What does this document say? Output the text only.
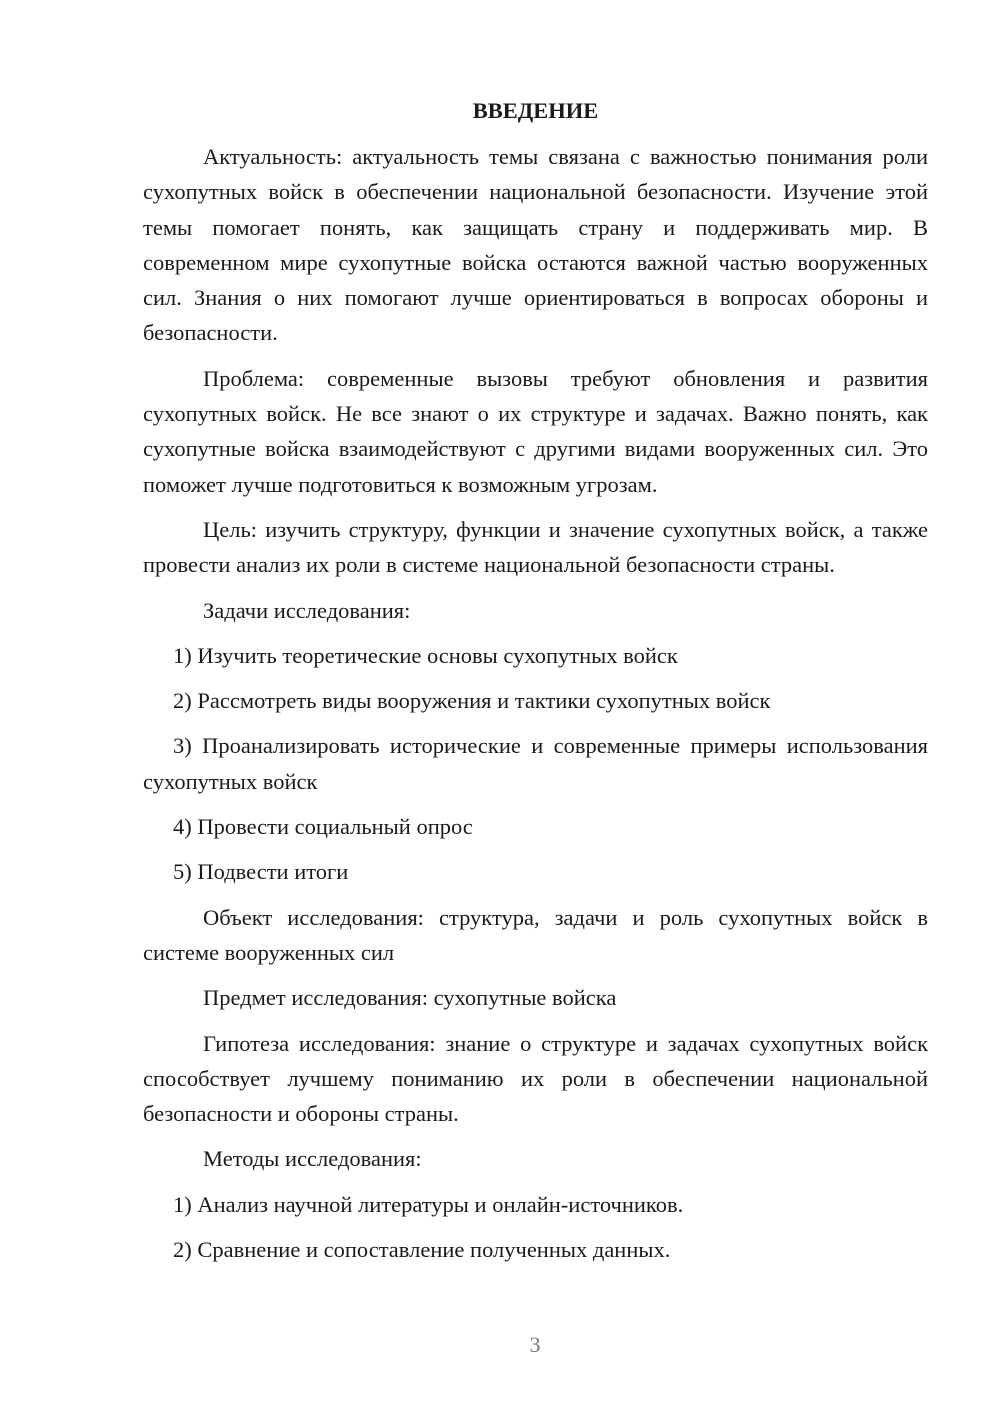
ВВЕДЕНИЕ
Актуальность: актуальность темы связана с важностью понимания роли сухопутных войск в обеспечении национальной безопасности. Изучение этой темы помогает понять, как защищать страну и поддерживать мир. В современном мире сухопутные войска остаются важной частью вооруженных сил. Знания о них помогают лучше ориентироваться в вопросах обороны и безопасности.
Проблема: современные вызовы требуют обновления и развития сухопутных войск. Не все знают о их структуре и задачах. Важно понять, как сухопутные войска взаимодействуют с другими видами вооруженных сил. Это поможет лучше подготовиться к возможным угрозам.
Цель: изучить структуру, функции и значение сухопутных войск, а также провести анализ их роли в системе национальной безопасности страны.
Задачи исследования:
1) Изучить теоретические основы сухопутных войск
2) Рассмотреть виды вооружения и тактики сухопутных войск
3) Проанализировать исторические и современные примеры использования сухопутных войск
4) Провести социальный опрос
5) Подвести итоги
Объект исследования: структура, задачи и роль сухопутных войск в системе вооруженных сил
Предмет исследования: сухопутные войска
Гипотеза исследования: знание о структуре и задачах сухопутных войск способствует лучшему пониманию их роли в обеспечении национальной безопасности и обороны страны.
Методы исследования:
1) Анализ научной литературы и онлайн-источников.
2) Сравнение и сопоставление полученных данных.
3
